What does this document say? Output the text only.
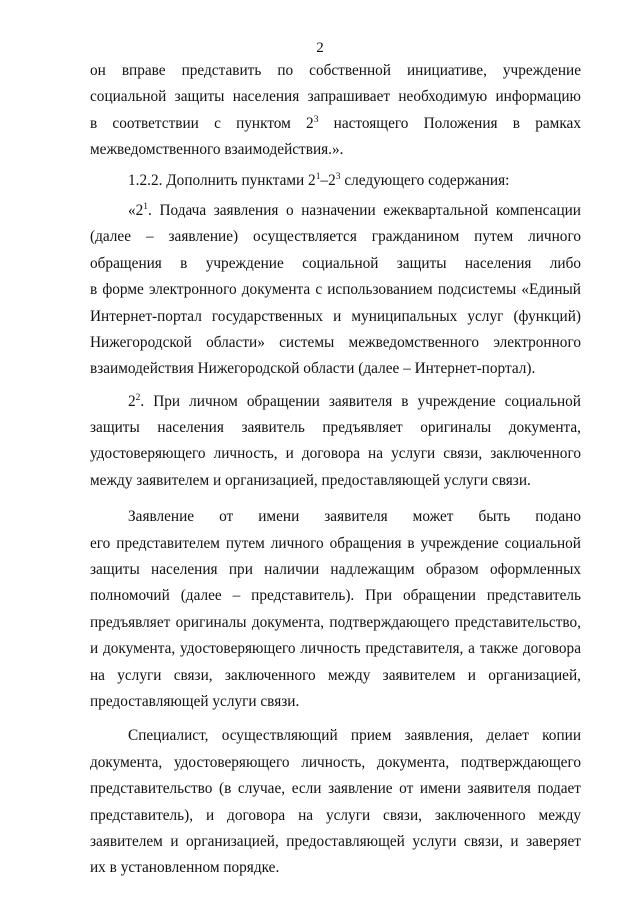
2
он вправе представить по собственной инициативе, учреждение
социальной защиты населения запрашивает необходимую информацию
в соответствии с пунктом $2^3$ настоящего Положения в рамках
межведомственного взаимодействия.».
1.2.2. Дополнить пунктами $2^1-2^3$ следующего содержания:
«$2^1$. Подача заявления о назначении ежеквартальной компенсации
(далее – заявление) осуществляется гражданином путем личного
обращения в учреждение социальной защиты населения либо
в форме электронного документа с использованием подсистемы «Единый
Интернет-портал государственных и муниципальных услуг (функций)
Нижегородской области» системы межведомственного электронного
взаимодействия Нижегородской области (далее – Интернет-портал).
$2^2$. При личном обращении заявителя в учреждение социальной
защиты населения заявитель предъявляет оригиналы документа,
удостоверяющего личность, и договора на услуги связи, заключенного
между заявителем и организацией, предоставляющей услуги связи.
Заявление от имени заявителя может быть подано
его представителем путем личного обращения в учреждение социальной
защиты населения при наличии надлежащим образом оформленных
полномочий (далее – представитель). При обращении представитель
предъявляет оригиналы документа, подтверждающего представительство,
и документа, удостоверяющего личность представителя, а также договора
на услуги связи, заключенного между заявителем и организацией,
предоставляющей услуги связи.
Специалист, осуществляющий прием заявления, делает копии
документа, удостоверяющего личность, документа, подтверждающего
представительство (в случае, если заявление от имени заявителя подает
представитель), и договора на услуги связи, заключенного между
заявителем и организацией, предоставляющей услуги связи, и заверяет
их в установленном порядке.
